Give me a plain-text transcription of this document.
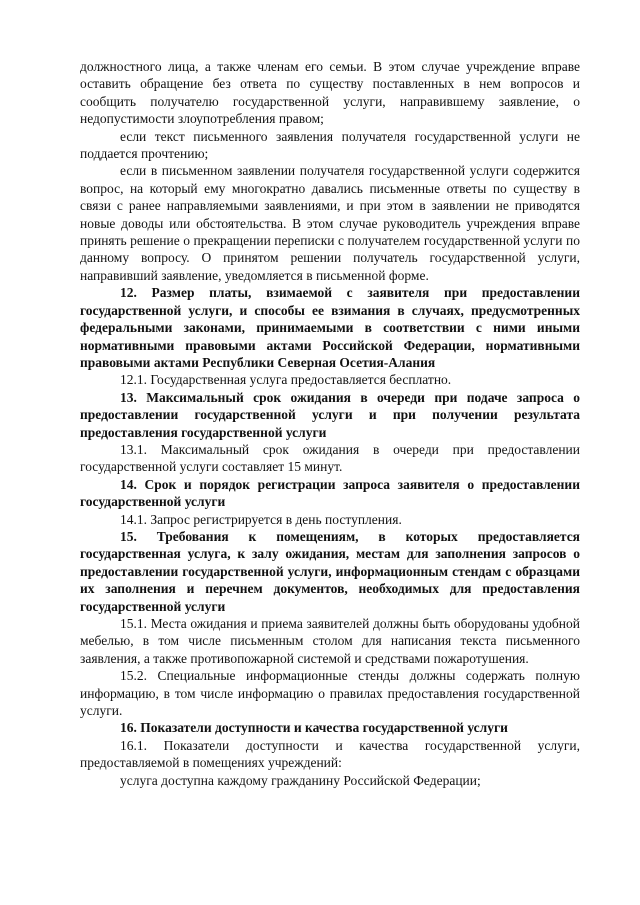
должностного лица, а также членам его семьи. В этом случае учреждение вправе оставить обращение без ответа по существу поставленных в нем вопросов и сообщить получателю государственной услуги, направившему заявление, о недопустимости злоупотребления правом;

если текст письменного заявления получателя государственной услуги не поддается прочтению;

если в письменном заявлении получателя государственной услуги содержится вопрос, на который ему многократно давались письменные ответы по существу в связи с ранее направляемыми заявлениями, и при этом в заявлении не приводятся новые доводы или обстоятельства. В этом случае руководитель учреждения вправе принять решение о прекращении переписки с получателем государственной услуги по данному вопросу. О принятом решении получатель государственной услуги, направивший заявление, уведомляется в письменной форме.

12. Размер платы, взимаемой с заявителя при предоставлении государственной услуги, и способы ее взимания в случаях, предусмотренных федеральными законами, принимаемыми в соответствии с ними иными нормативными правовыми актами Российской Федерации, нормативными правовыми актами Республики Северная Осетия-Алания

12.1. Государственная услуга предоставляется бесплатно.

13. Максимальный срок ожидания в очереди при подаче запроса о предоставлении государственной услуги и при получении результата предоставления государственной услуги

13.1. Максимальный срок ожидания в очереди при предоставлении государственной услуги составляет 15 минут.

14. Срок и порядок регистрации запроса заявителя о предоставлении государственной услуги

14.1. Запрос регистрируется в день поступления.

15. Требования к помещениям, в которых предоставляется государственная услуга, к залу ожидания, местам для заполнения запросов о предоставлении государственной услуги, информационным стендам с образцами их заполнения и перечнем документов, необходимых для предоставления государственной услуги

15.1. Места ожидания и приема заявителей должны быть оборудованы удобной мебелью, в том числе письменным столом для написания текста письменного заявления, а также противопожарной системой и средствами пожаротушения.

15.2. Специальные информационные стенды должны содержать полную информацию, в том числе информацию о правилах предоставления государственной услуги.

16. Показатели доступности и качества государственной услуги

16.1. Показатели доступности и качества государственной услуги, предоставляемой в помещениях учреждений:

услуга доступна каждому гражданину Российской Федерации;
